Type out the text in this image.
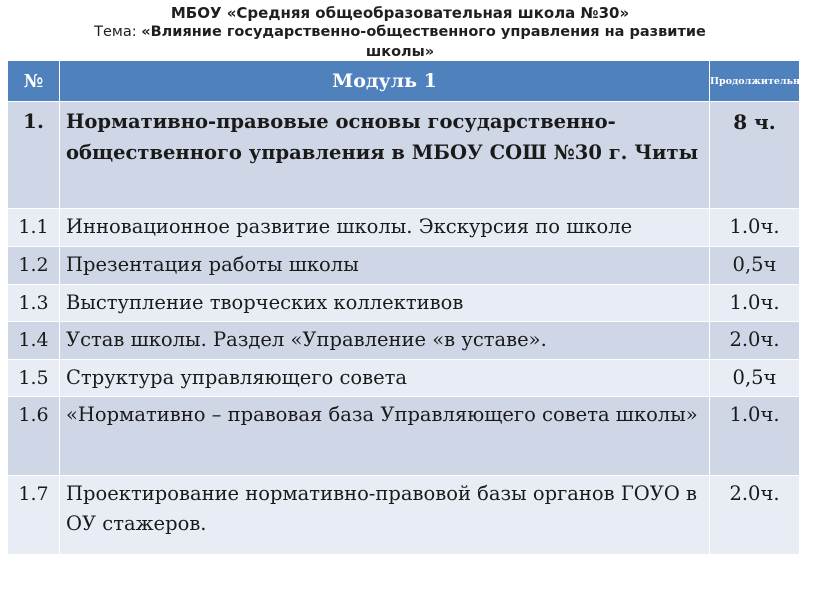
МБОУ «Средняя общеобразовательная школа №30»
Тема: «Влияние государственно-общественного управления на развитие школы»
№	Модуль 1	Продолжительность
1.	Нормативно-правовые основы государственно-общественного управления в МБОУ СОШ №30 г. Читы	8 ч.
1.1	Инновационное развитие школы. Экскурсия по школе	1.0ч.
1.2	Презентация работы школы	0,5ч
1.3	Выступление творческих коллективов	1.0ч.
1.4	Устав школы. Раздел «Управление «в уставе».	2.0ч.
1.5	Структура управляющего совета	0,5ч
1.6	«Нормативно – правовая база Управляющего совета школы»	1.0ч.
1.7	Проектирование нормативно-правовой базы органов ГОУО в ОУ стажеров.	2.0ч.
